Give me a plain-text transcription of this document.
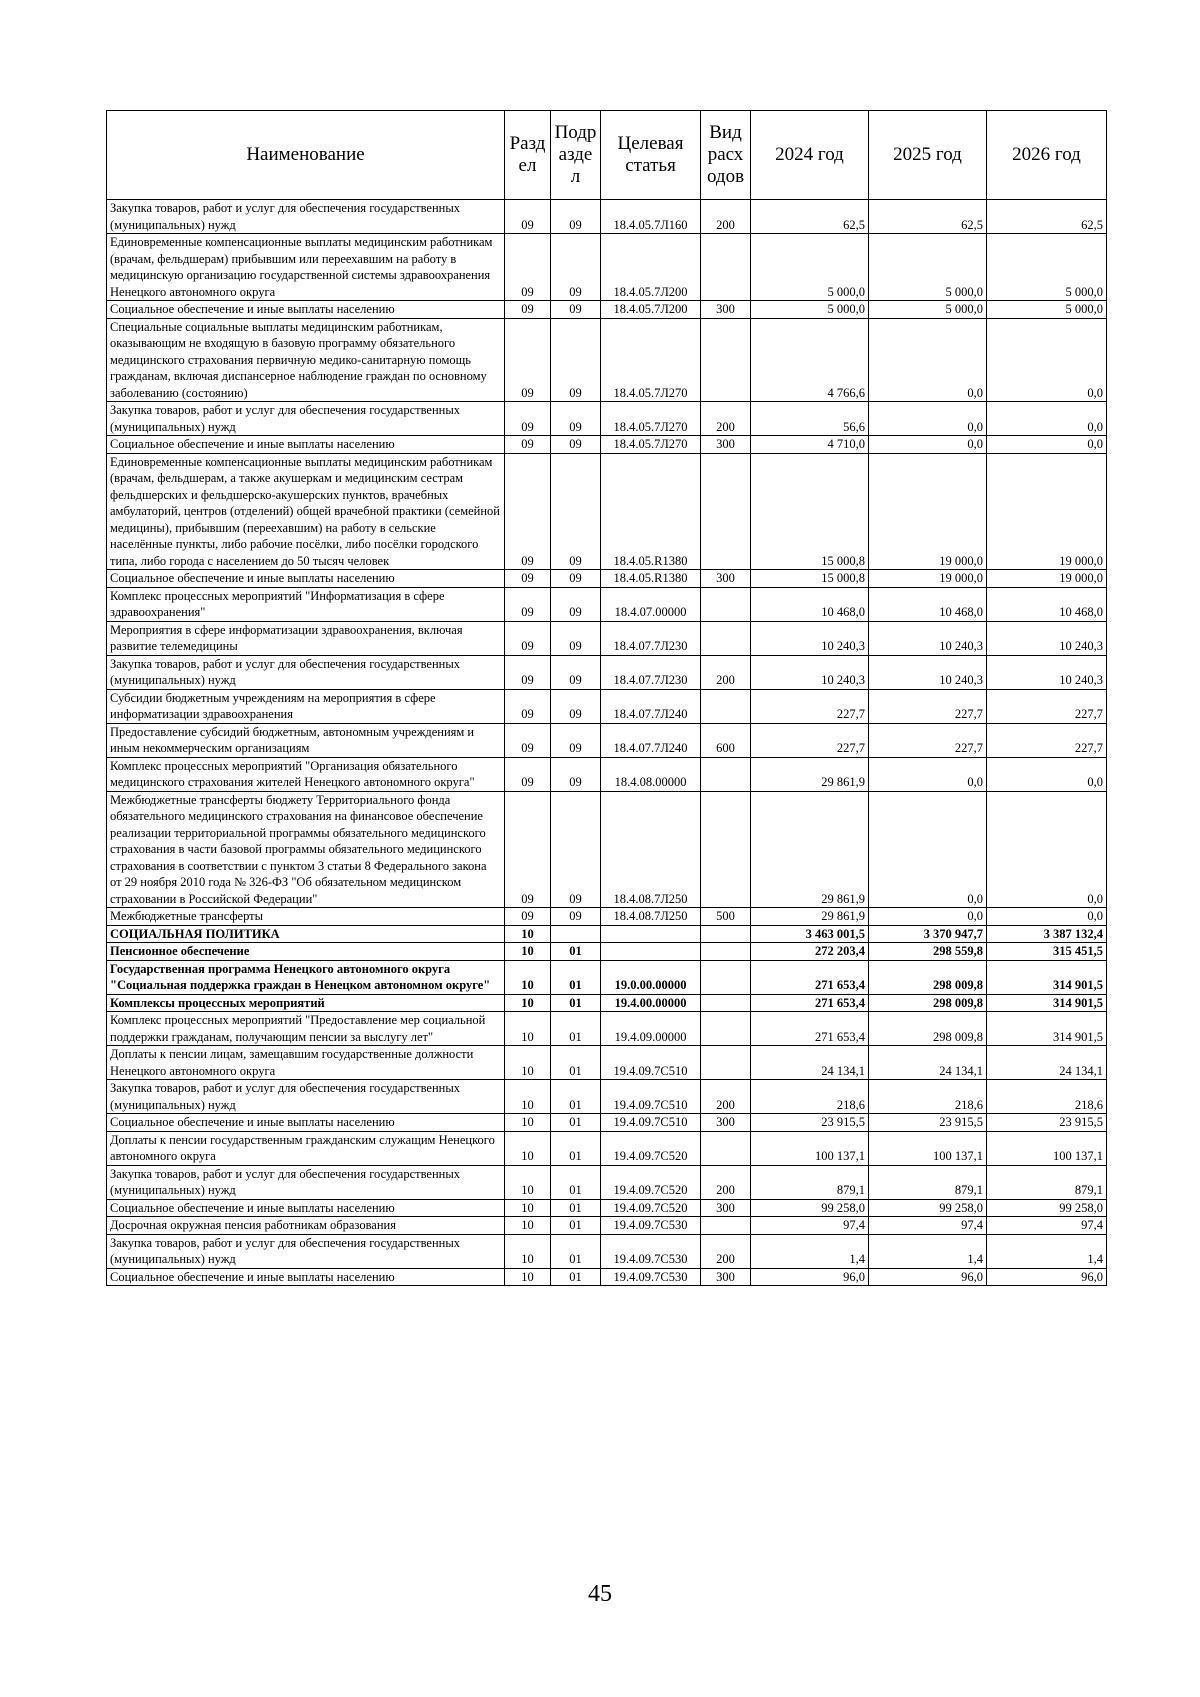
Наименование	Разд ел	Подр азде л	Целевая статья	Вид расх одов	2024 год	2025 год	2026 год
Закупка товаров, работ и услуг для обеспечения государственных (муниципальных) нужд	09	09	18.4.05.7Л160	200	62,5	62,5	62,5
Единовременные компенсационные выплаты медицинским работникам (врачам, фельдшерам) прибывшим или переехавшим на работу в медицинскую организацию государственной системы здравоохранения Ненецкого автономного округа	09	09	18.4.05.7Л200		5 000,0	5 000,0	5 000,0
Социальное обеспечение и иные выплаты населению	09	09	18.4.05.7Л200	300	5 000,0	5 000,0	5 000,0
Специальные социальные выплаты медицинским работникам, оказывающим не входящую в базовую программу обязательного медицинского страхования первичную медико-санитарную помощь гражданам, включая диспансерное наблюдение граждан по основному заболеванию (состоянию)	09	09	18.4.05.7Л270		4 766,6	0,0	0,0
Закупка товаров, работ и услуг для обеспечения государственных (муниципальных) нужд	09	09	18.4.05.7Л270	200	56,6	0,0	0,0
Социальное обеспечение и иные выплаты населению	09	09	18.4.05.7Л270	300	4 710,0	0,0	0,0
Единовременные компенсационные выплаты медицинским работникам (врачам, фельдшерам, а также акушеркам и медицинским сестрам фельдшерских и фельдшерско-акушерских пунктов, врачебных амбулаторий, центров (отделений) общей врачебной практики (семейной медицины), прибывшим (переехавшим) на работу в сельские населённые пункты, либо рабочие посёлки, либо посёлки городского типа, либо города с населением до 50 тысяч человек	09	09	18.4.05.R1380		15 000,8	19 000,0	19 000,0
Социальное обеспечение и иные выплаты населению	09	09	18.4.05.R1380	300	15 000,8	19 000,0	19 000,0
Комплекс процессных мероприятий "Информатизация в сфере здравоохранения"	09	09	18.4.07.00000		10 468,0	10 468,0	10 468,0
Мероприятия в сфере информатизации здравоохранения, включая развитие телемедицины	09	09	18.4.07.7Л230		10 240,3	10 240,3	10 240,3
Закупка товаров, работ и услуг для обеспечения государственных (муниципальных) нужд	09	09	18.4.07.7Л230	200	10 240,3	10 240,3	10 240,3
Субсидии бюджетным учреждениям на мероприятия в сфере информатизации здравоохранения	09	09	18.4.07.7Л240		227,7	227,7	227,7
Предоставление субсидий бюджетным, автономным учреждениям и иным некоммерческим организациям	09	09	18.4.07.7Л240	600	227,7	227,7	227,7
Комплекс процессных мероприятий "Организация обязательного медицинского страхования жителей Ненецкого автономного округа"	09	09	18.4.08.00000		29 861,9	0,0	0,0
Межбюджетные трансферты бюджету Территориального фонда обязательного медицинского страхования на финансовое обеспечение реализации территориальной программы обязательного медицинского страхования в части базовой программы обязательного медицинского страхования в соответствии с пунктом 3 статьи 8 Федерального закона от 29 ноября 2010 года № 326-ФЗ "Об обязательном медицинском страховании в Российской Федерации"	09	09	18.4.08.7Л250		29 861,9	0,0	0,0
Межбюджетные трансферты	09	09	18.4.08.7Л250	500	29 861,9	0,0	0,0
СОЦИАЛЬНАЯ ПОЛИТИКА	10				3 463 001,5	3 370 947,7	3 387 132,4
Пенсионное обеспечение	10	01			272 203,4	298 559,8	315 451,5
Государственная программа Ненецкого автономного округа "Социальная поддержка граждан в Ненецком автономном округе"	10	01	19.0.00.00000		271 653,4	298 009,8	314 901,5
Комплексы процессных мероприятий	10	01	19.4.00.00000		271 653,4	298 009,8	314 901,5
Комплекс процессных мероприятий "Предоставление мер социальной поддержки гражданам, получающим пенсии за выслугу лет"	10	01	19.4.09.00000		271 653,4	298 009,8	314 901,5
Доплаты к пенсии лицам, замещавшим государственные должности Ненецкого автономного округа	10	01	19.4.09.7С510		24 134,1	24 134,1	24 134,1
Закупка товаров, работ и услуг для обеспечения государственных (муниципальных) нужд	10	01	19.4.09.7С510	200	218,6	218,6	218,6
Социальное обеспечение и иные выплаты населению	10	01	19.4.09.7С510	300	23 915,5	23 915,5	23 915,5
Доплаты к пенсии государственным гражданским служащим Ненецкого автономного округа	10	01	19.4.09.7С520		100 137,1	100 137,1	100 137,1
Закупка товаров, работ и услуг для обеспечения государственных (муниципальных) нужд	10	01	19.4.09.7С520	200	879,1	879,1	879,1
Социальное обеспечение и иные выплаты населению	10	01	19.4.09.7С520	300	99 258,0	99 258,0	99 258,0
Досрочная окружная пенсия работникам образования	10	01	19.4.09.7С530		97,4	97,4	97,4
Закупка товаров, работ и услуг для обеспечения государственных (муниципальных) нужд	10	01	19.4.09.7С530	200	1,4	1,4	1,4
Социальное обеспечение и иные выплаты населению	10	01	19.4.09.7С530	300	96,0	96,0	96,0
45
